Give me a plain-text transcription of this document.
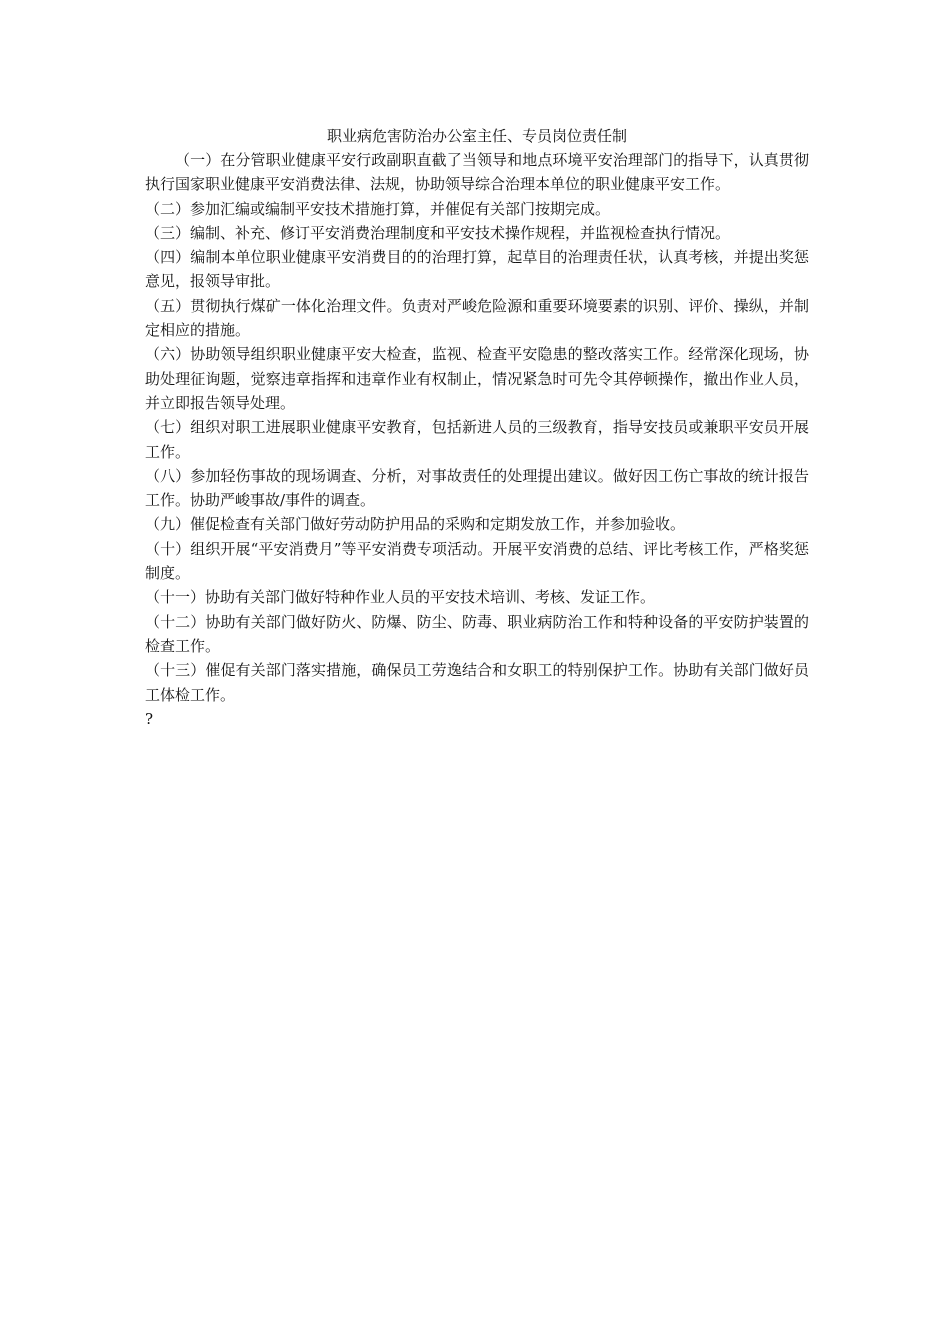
职业病危害防治办公室主任、专员岗位责任制

（一）在分管职业健康平安行政副职直截了当领导和地点环境平安治理部门的指导下，认真贯彻执行国家职业健康平安消费法律、法规，协助领导综合治理本单位的职业健康平安工作。

（二）参加汇编或编制平安技术措施打算，并催促有关部门按期完成。

（三）编制、补充、修订平安消费治理制度和平安技术操作规程，并监视检查执行情况。

（四）编制本单位职业健康平安消费目的的治理打算，起草目的治理责任状，认真考核，并提出奖惩意见，报领导审批。

（五）贯彻执行煤矿一体化治理文件。负责对严峻危险源和重要环境要素的识别、评价、操纵，并制定相应的措施。

（六）协助领导组织职业健康平安大检查，监视、检查平安隐患的整改落实工作。经常深化现场，协助处理征询题，觉察违章指挥和违章作业有权制止，情况紧急时可先令其停顿操作，撤出作业人员，并立即报告领导处理。

（七）组织对职工进展职业健康平安教育，包括新进人员的三级教育，指导安技员或兼职平安员开展工作。

（八）参加轻伤事故的现场调查、分析，对事故责任的处理提出建议。做好因工伤亡事故的统计报告工作。协助严峻事故/事件的调查。

（九）催促检查有关部门做好劳动防护用品的采购和定期发放工作，并参加验收。

（十）组织开展“平安消费月”等平安消费专项活动。开展平安消费的总结、评比考核工作，严格奖惩制度。

（十一）协助有关部门做好特种作业人员的平安技术培训、考核、发证工作。

（十二）协助有关部门做好防火、防爆、防尘、防毒、职业病防治工作和特种设备的平安防护装置的检查工作。

（十三）催促有关部门落实措施，确保员工劳逸结合和女职工的特别保护工作。协助有关部门做好员工体检工作。

?
